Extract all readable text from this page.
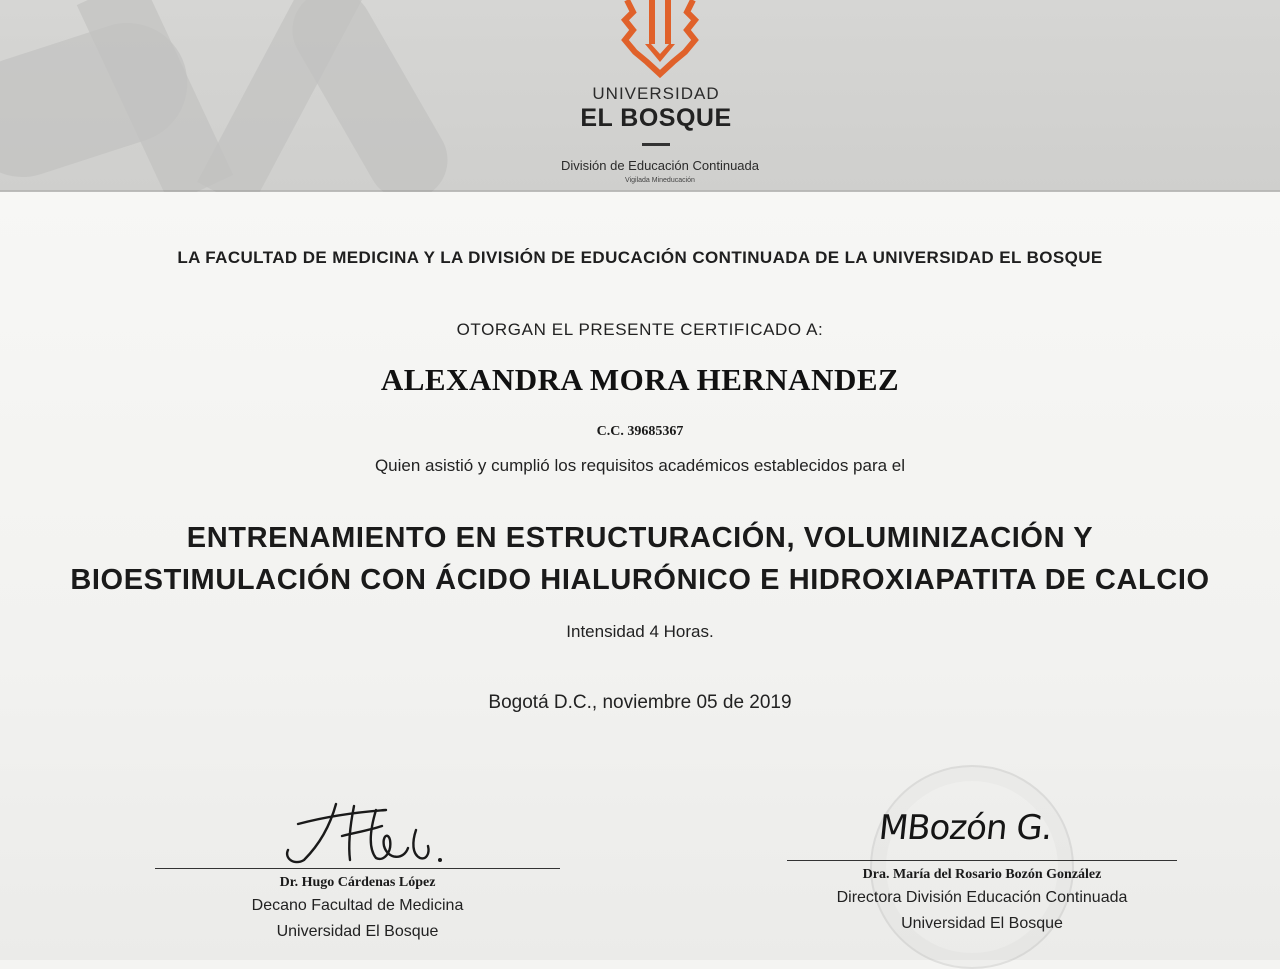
UNIVERSIDAD
EL BOSQUE
División de Educación Continuada
Vigilada Mineducación
LA FACULTAD DE MEDICINA Y LA DIVISIÓN DE EDUCACIÓN CONTINUADA DE LA UNIVERSIDAD EL BOSQUE
OTORGAN EL PRESENTE CERTIFICADO A:
ALEXANDRA MORA HERNANDEZ
C.C. 39685367
Quien asistió y cumplió los requisitos académicos establecidos para el
ENTRENAMIENTO EN ESTRUCTURACIÓN, VOLUMINIZACIÓN Y
BIOESTIMULACIÓN CON ÁCIDO HIALURÓNICO E HIDROXIAPATITA DE CALCIO
Intensidad 4 Horas.
Bogotá D.C., noviembre 05 de 2019
Dr. Hugo Cárdenas López
Decano Facultad de Medicina
Universidad El Bosque
MBozón G.
Dra. María del Rosario Bozón González
Directora División Educación Continuada
Universidad El Bosque
